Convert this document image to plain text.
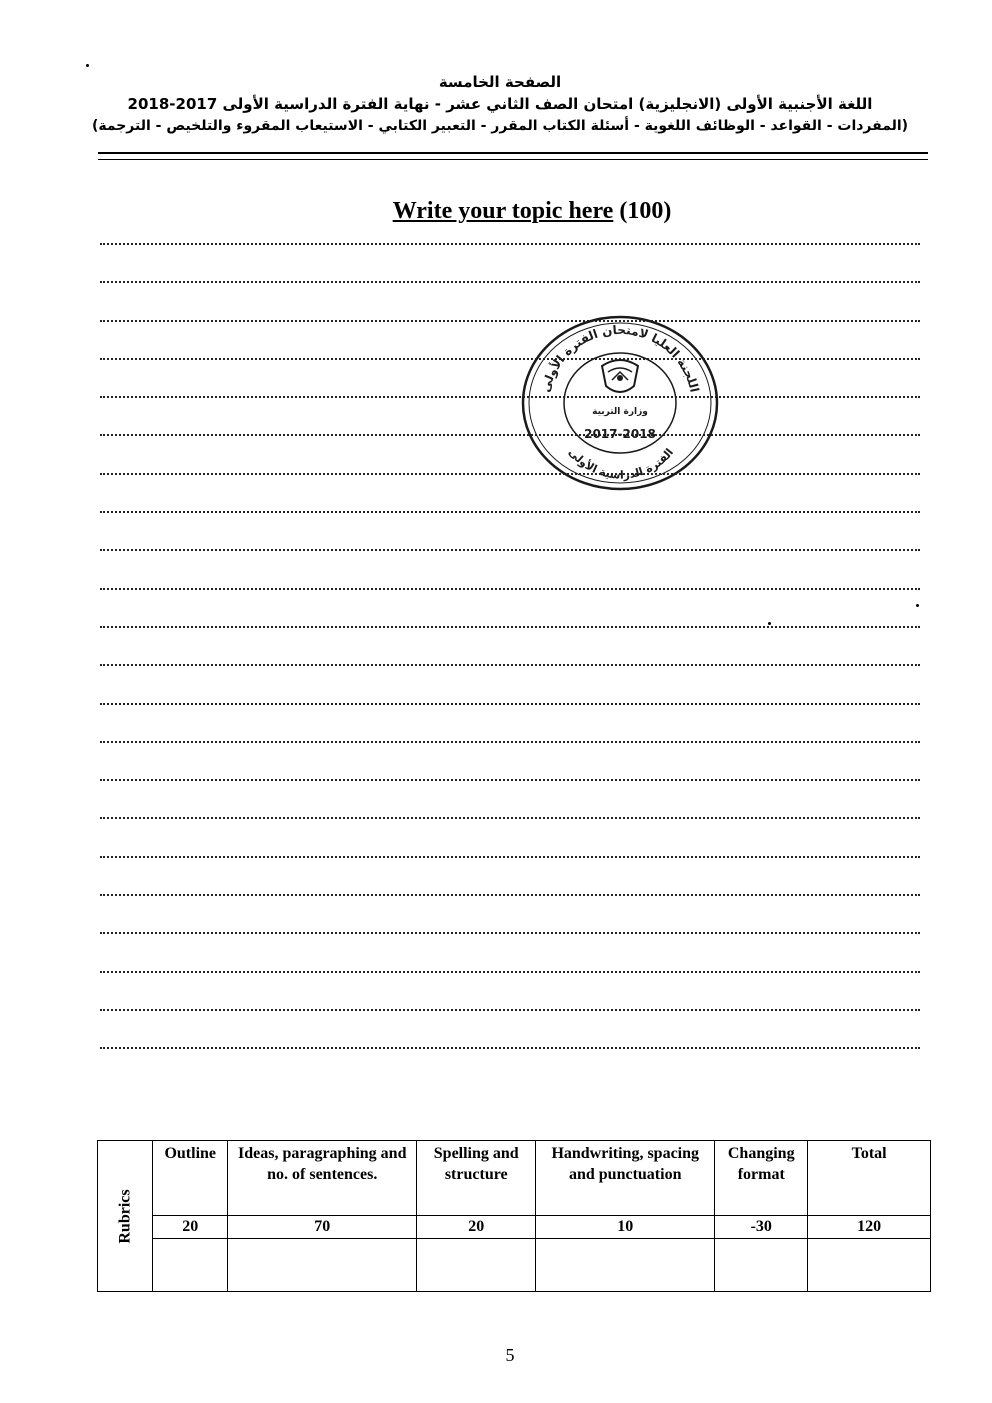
الصفحة الخامسة
اللغة الأجنبية الأولى (الانجليزية) امتحان الصف الثاني عشر - نهاية الفترة الدراسية الأولى 2017-2018
(المفردات - القواعد - الوظائف اللغوية - أسئلة الكتاب المقرر - التعبير الكتابي - الاستيعاب المقروء والتلخيص - الترجمة)
Write your topic here (100)
اللجنة العليا لامتحان الفترة الأولى
الفترة الدراسية الأولى
وزارة التربية
2017-2018
Rubrics	Outline	Ideas, paragraphing and no. of sentences.	Spelling and structure	Handwriting, spacing and punctuation	Changing format	Total
	20	70	20	10	-30	120

5
